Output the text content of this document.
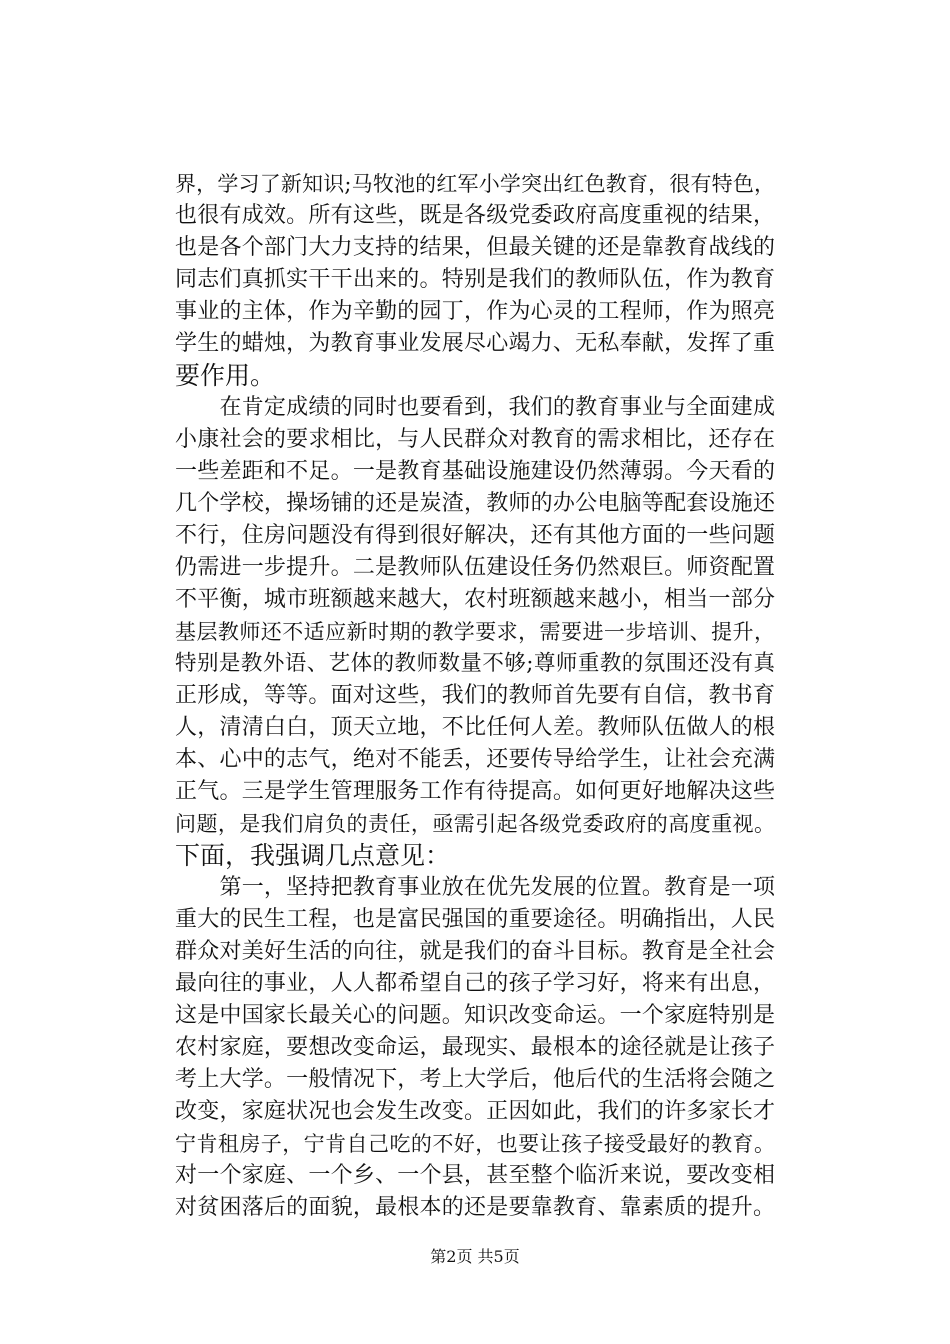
界，学习了新知识;马牧池的红军小学突出红色教育，很有特色，
也很有成效。所有这些，既是各级党委政府高度重视的结果，
也是各个部门大力支持的结果，但最关键的还是靠教育战线的
同志们真抓实干干出来的。特别是我们的教师队伍，作为教育
事业的主体，作为辛勤的园丁，作为心灵的工程师，作为照亮
学生的蜡烛，为教育事业发展尽心竭力、无私奉献，发挥了重
要作用。
　　在肯定成绩的同时也要看到，我们的教育事业与全面建成
小康社会的要求相比，与人民群众对教育的需求相比，还存在
一些差距和不足。一是教育基础设施建设仍然薄弱。今天看的
几个学校，操场铺的还是炭渣，教师的办公电脑等配套设施还
不行，住房问题没有得到很好解决，还有其他方面的一些问题
仍需进一步提升。二是教师队伍建设任务仍然艰巨。师资配置
不平衡，城市班额越来越大，农村班额越来越小，相当一部分
基层教师还不适应新时期的教学要求，需要进一步培训、提升，
特别是教外语、艺体的教师数量不够;尊师重教的氛围还没有真
正形成，等等。面对这些，我们的教师首先要有自信，教书育
人，清清白白，顶天立地，不比任何人差。教师队伍做人的根
本、心中的志气，绝对不能丢，还要传导给学生，让社会充满
正气。三是学生管理服务工作有待提高。如何更好地解决这些
问题，是我们肩负的责任，亟需引起各级党委政府的高度重视。
下面，我强调几点意见：
　　第一，坚持把教育事业放在优先发展的位置。教育是一项
重大的民生工程，也是富民强国的重要途径。明确指出，人民
群众对美好生活的向往，就是我们的奋斗目标。教育是全社会
最向往的事业，人人都希望自己的孩子学习好，将来有出息，
这是中国家长最关心的问题。知识改变命运。一个家庭特别是
农村家庭，要想改变命运，最现实、最根本的途径就是让孩子
考上大学。一般情况下，考上大学后，他后代的生活将会随之
改变，家庭状况也会发生改变。正因如此，我们的许多家长才
宁肯租房子，宁肯自己吃的不好，也要让孩子接受最好的教育。
对一个家庭、一个乡、一个县，甚至整个临沂来说，要改变相
对贫困落后的面貌，最根本的还是要靠教育、靠素质的提升。
第2页 共5页
